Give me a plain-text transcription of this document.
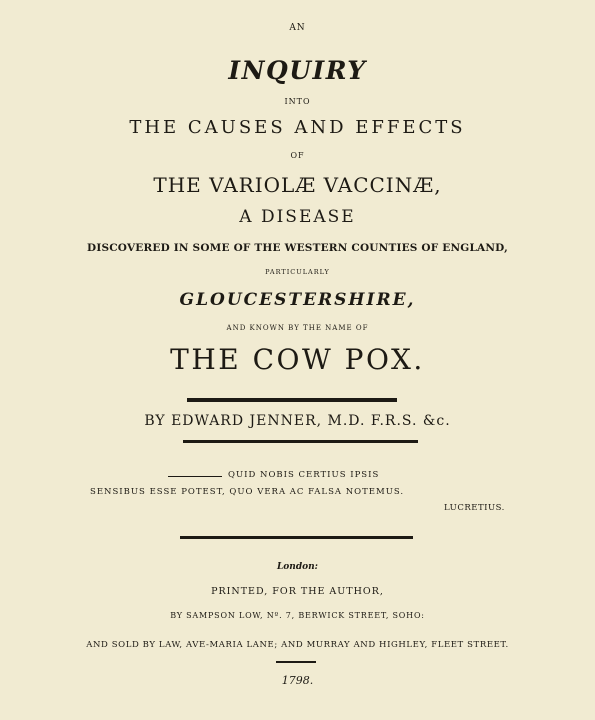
AN

INQUIRY

INTO

THE CAUSES AND EFFECTS

OF

THE VARIOLÆ VACCINÆ,

A DISEASE

DISCOVERED IN SOME OF THE WESTERN COUNTIES OF ENGLAND,

PARTICULARLY

GLOUCESTERSHIRE,

AND KNOWN BY THE NAME OF

THE COW POX.

BY EDWARD JENNER, M.D. F.R.S. &c.

QUID NOBIS CERTIUS IPSIS

SENSIBUS ESSE POTEST, QUO VERA AC FALSA NOTEMUS.

LUCRETIUS.

London:

PRINTED, FOR THE AUTHOR,

BY SAMPSON LOW, Nº. 7, BERWICK STREET, SOHO:

AND SOLD BY LAW, AVE-MARIA LANE; AND MURRAY AND HIGHLEY, FLEET STREET.

1798.
